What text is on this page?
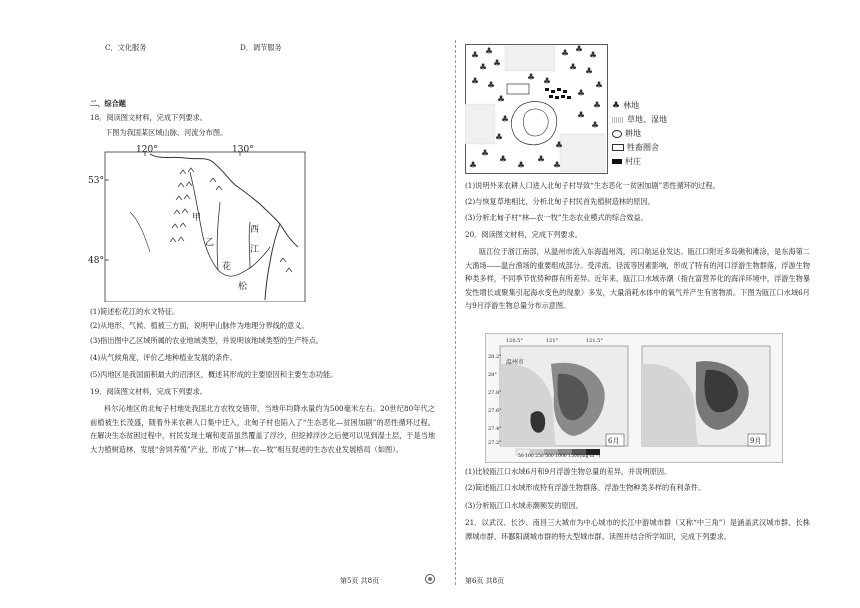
C．文化服务	D．调节服务
二、综合题
18．阅读图文材料，完成下列要求。
下图为我国某区域山脉、河流分布图。
120°	130°
53°
48°
甲
乙
西
江
花
松
(1)简述松花江的水文特征。
(2)从地形、气候、植被三方面，说明甲山脉作为地理分界线的意义。
(3)指出图中乙区域所属的农业地域类型，并说明该地域类型的生产特点。
(4)从气候角度，评价乙地种植业发展的条件。
(5)丙地区是我国面积最大的沼泽区，概述其形成的主要原因和主要生态功能。
19．阅读图文材料，完成下列要求。
科尔沁地区的北甸子村地处我国北方农牧交错带，当地年均降水量约为500毫米左右。20世纪80年代之前植被生长茂盛，随着外来农耕人口集中迁入，北甸子村也陷入了“生态恶化—贫困加剧”的恶性循环过程。在解决生态贫困过程中，村民发现土壤和麦苗虽然覆盖了浮沙，但挖掉浮沙之后便可以见到湿土层，于是当地大力植树造林，发展“舍饲养殖”产业，形成了“林—农—牧”相互促进的生态农业发展格局（如图）。
♣ ♣
♣ ♣
♣ ♣
♣ ♣
♣
♣ ♣
♣
♣
♣
♣
♣
♣
♣
♣
♣
♣
♣
♣
♣
♣
♣
♣
♣
♣ 林地
草地、湿地
耕地
牲畜圈舍
村庄
(1)说明外来农耕人口进入北甸子村导致“生态恶化一贫困加剧”恶性循环的过程。
(2)与恢复草地相比，分析北甸子村民首先植树造林的原因。
(3)分析北甸子村“林—农一牧”生态农业模式的综合效益。
20．阅读图文材料，完成下列要求。
瓯江位于浙江南部，从温州市流入东海温州湾，河口航运业发达。瓯江口附近多岛礁和滩涂，是东海第二大渔场——温台渔场的重要组成部分。受洋流、径流等因素影响，形成了特有的河口浮游生物群落，浮游生物种类多样，不同季节优势种群有所差异。近年来，瓯江口水域赤潮（指在富营养化的海洋环境中，浮游生物暴发性增长或聚集引起海水变色的现象）多发，大量消耗水体中的氧气并产生有害物质。下图为瓯江口水域6月与9月浮游生物总量分布示意图。
120.5°	121°	121.5°
28.2°
28°
27.8°
27.6°
27.4°
27.2°
温州市
6月	9月
50 100 250 500 1000 1500(mg·m⁻³)
(1)比较瓯江口水域6月和9月浮游生物总量的差异，并说明原因。
(2)简述瓯江口水域形成特有浮游生物群落、浮游生物种类多样的有利条件。
(3)分析瓯江口水域赤潮频发的原因。
21．以武汉、长沙、南昌三大城市为中心城市的长江中游城市群（又称“中三角”）是涵盖武汉城市群、长株潭城市群、环鄱阳湖城市群的特大型城市群。读图并结合所学知识，完成下列要求。
第5页 共8页	第6页 共8页
